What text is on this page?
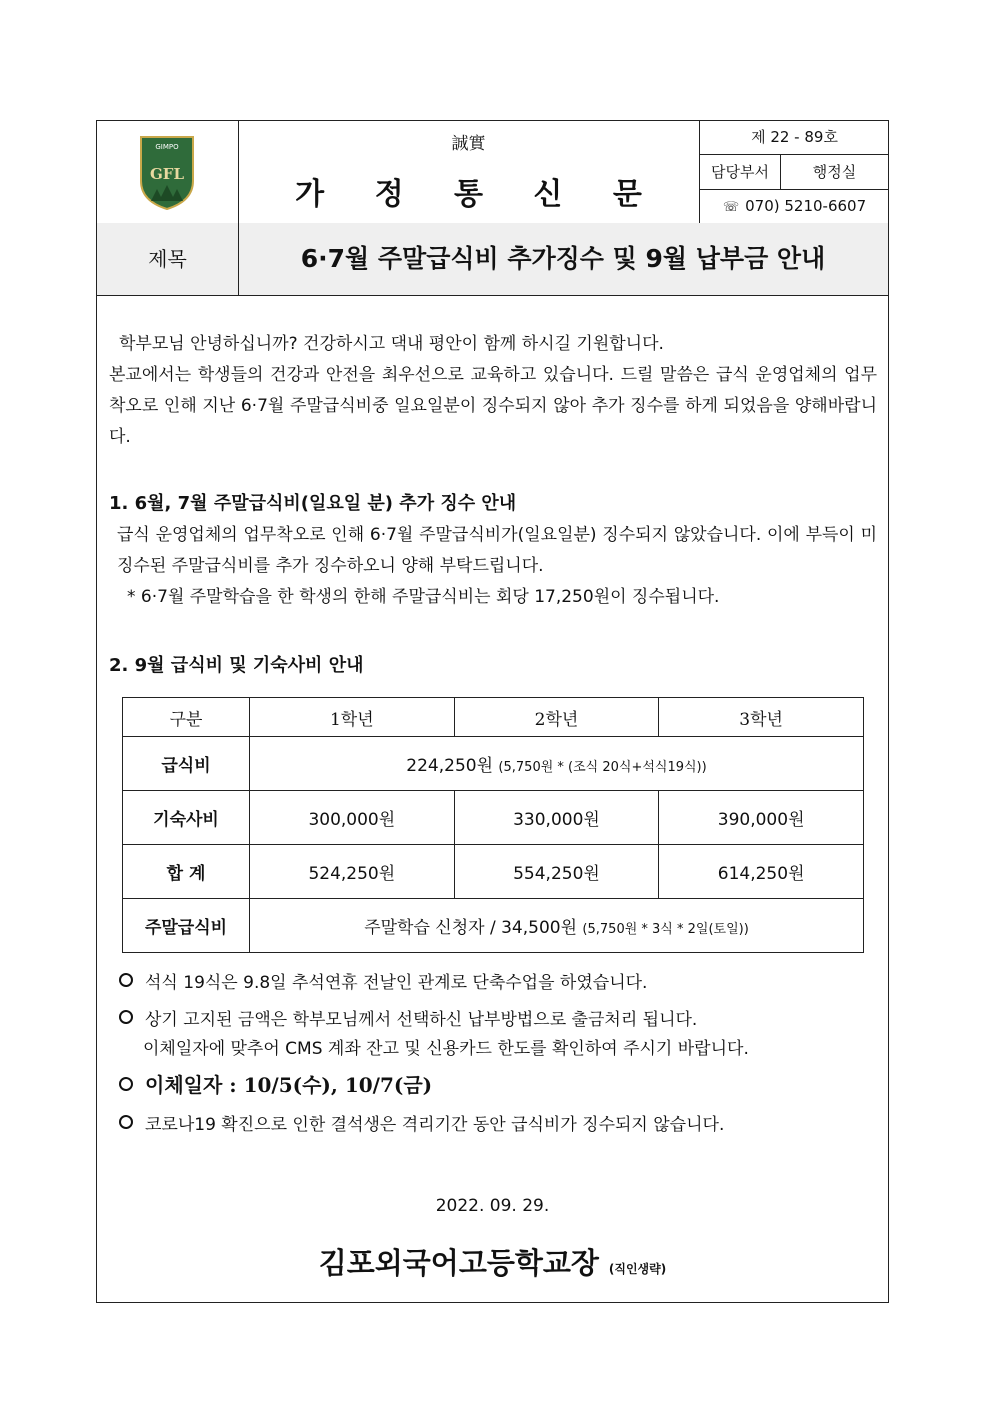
GIMPO
GFL
誠實
가 정 통 신 문
제 22 - 89호
담당부서	행정실
☏ 070) 5210-6607
제목	6·7월 주말급식비 추가징수 및 9월 납부금 안내
학부모님 안녕하십니까? 건강하시고 댁내 평안이 함께 하시길 기원합니다.
본교에서는 학생들의 건강과 안전을 최우선으로 교육하고 있습니다. 드릴 말씀은 급식 운영업체의 업무착오로 인해 지난 6·7월 주말급식비중 일요일분이 징수되지 않아 추가 징수를 하게 되었음을 양해바랍니다.
1. 6월, 7월 주말급식비(일요일 분) 추가 징수 안내
급식 운영업체의 업무착오로 인해 6·7월 주말급식비가(일요일분) 징수되지 않았습니다. 이에 부득이 미징수된 주말급식비를 추가 징수하오니 양해 부탁드립니다.
* 6·7월 주말학습을 한 학생의 한해 주말급식비는 회당 17,250원이 징수됩니다.
2. 9월 급식비 및 기숙사비 안내
구분	1학년	2학년	3학년
급식비	224,250원 (5,750원 * (조식 20식+석식19식))		
기숙사비	300,000원	330,000원	390,000원
합 계	524,250원	554,250원	614,250원
주말급식비	주말학습 신청자 / 34,500원 (5,750원 * 3식 * 2일(토일))		
석식 19식은 9.8일 추석연휴 전날인 관계로 단축수업을 하였습니다.
상기 고지된 금액은 학부모님께서 선택하신 납부방법으로 출금처리 됩니다.
이체일자에 맞추어 CMS 계좌 잔고 및 신용카드 한도를 확인하여 주시기 바랍니다.
이체일자 : 10/5(수), 10/7(금)
코로나19 확진으로 인한 결석생은 격리기간 동안 급식비가 징수되지 않습니다.
2022. 09. 29.
김포외국어고등학교장 (직인생략)
